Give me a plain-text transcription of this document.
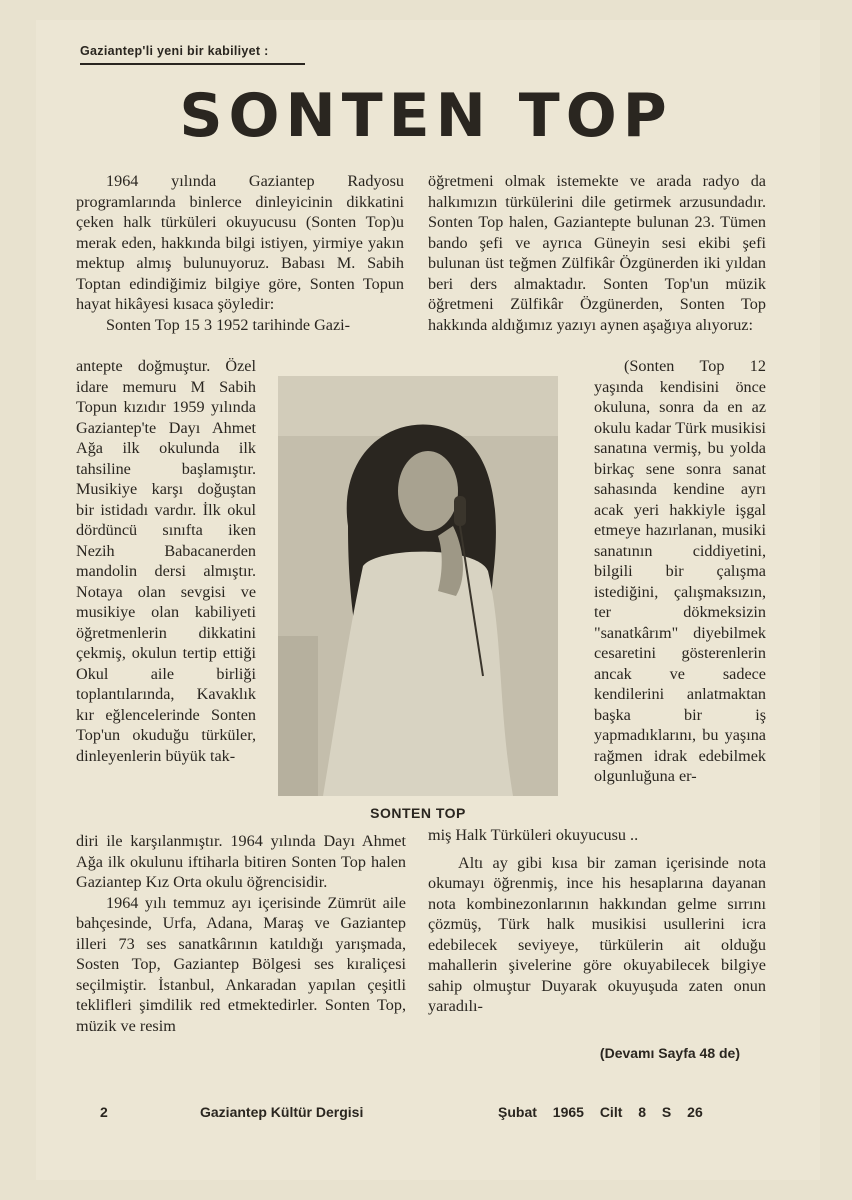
Gaziantep'li yeni bir kabiliyet :
SONTEN TOP

1964 yılında Gaziantep Radyosu programlarında binlerce dinleyicinin dikkatini çeken halk türküleri okuyucusu (Sonten Top)u merak eden, hakkında bilgi istiyen, yirmiye yakın mektup almış bulunuyoruz. Babası M. Sabih Toptan edindiğimiz bilgiye göre, Sonten Topun hayat hikâyesi kısaca şöyledir:

Sonten Top 15 3 1952 tarihinde Gazi-

antepte doğmuştur. Özel idare memuru M Sabih Topun kızıdır 1959 yılında Gaziantep'te Dayı Ahmet Ağa ilk okulunda ilk tahsiline başlamıştır. Musikiye karşı doğuştan bir istidadı vardır. İlk okul dördüncü sınıfta iken Nezih Babacanerden mandolin dersi almıştır. Notaya olan sevgisi ve musikiye olan kabiliyeti öğretmenlerin dikkatini çekmiş, okulun tertip ettiği Okul aile birliği toplantılarında, Kavaklık kır eğlencelerinde Sonten Top'un okuduğu türküler, dinleyenlerin büyük tak-

diri ile karşılanmıştır. 1964 yılında Dayı Ahmet Ağa ilk okulunu iftiharla bitiren Sonten Top halen Gaziantep Kız Orta okulu öğrencisidir.

1964 yılı temmuz ayı içerisinde Zümrüt aile bahçesinde, Urfa, Adana, Maraş ve Gaziantep illeri 73 ses sanatkârının katıldığı yarışmada, Sosten Top, Gaziantep Bölgesi ses kıraliçesi seçilmiştir. İstanbul, Ankaradan yapılan çeşitli teklifleri şimdilik red etmektedirler. Sonten Top, müzik ve resim

SONTEN TOP

öğretmeni olmak istemekte ve arada radyo da halkımızın türkülerini dile getirmek arzusundadır. Sonten Top halen, Gaziantepte bulunan 23. Tümen bando şefi ve ayrıca Güneyin sesi ekibi şefi bulunan üst teğmen Zülfikâr Özgünerden iki yıldan beri ders almaktadır. Sonten Top'un müzik öğretmeni Zülfikâr Özgünerden, Sonten Top hakkında aldığımız yazıyı aynen aşağıya alıyoruz:

(Sonten Top 12 yaşında kendisini önce okuluna, sonra da en az okulu kadar Türk musikisi sanatına vermiş, bu yolda birkaç sene sonra sanat sahasında kendine ayrı acak yeri hakkiyle işgal etmeye hazırlanan, musiki sanatının ciddiyetini, bilgili bir çalışma istediğini, çalışmaksızın, ter dökmeksizin "sanatkârım" diyebilmek cesaretini gösterenlerin ancak ve sadece kendilerini anlatmaktan başka bir iş yapmadıklarını, bu yaşına rağmen idrak edebilmek olgunluğuna er-

miş Halk Türküleri okuyucusu ..

Altı ay gibi kısa bir zaman içerisinde nota okumayı öğrenmiş, ince his hesaplarına dayanan nota kombinezonlarının hakkından gelme sırrını çözmüş, Türk halk musikisi usullerini icra edebilecek seviyeye, türkülerin ait olduğu mahallerin şivelerine göre okuyabilecek bilgiye sahip olmuştur Duyarak okuyuşuda zaten onun yaradılı-

(Devamı Sayfa 48 de)
2	Gaziantep Kültür Dergisi	Şubat 1965 Cilt 8 S 26
